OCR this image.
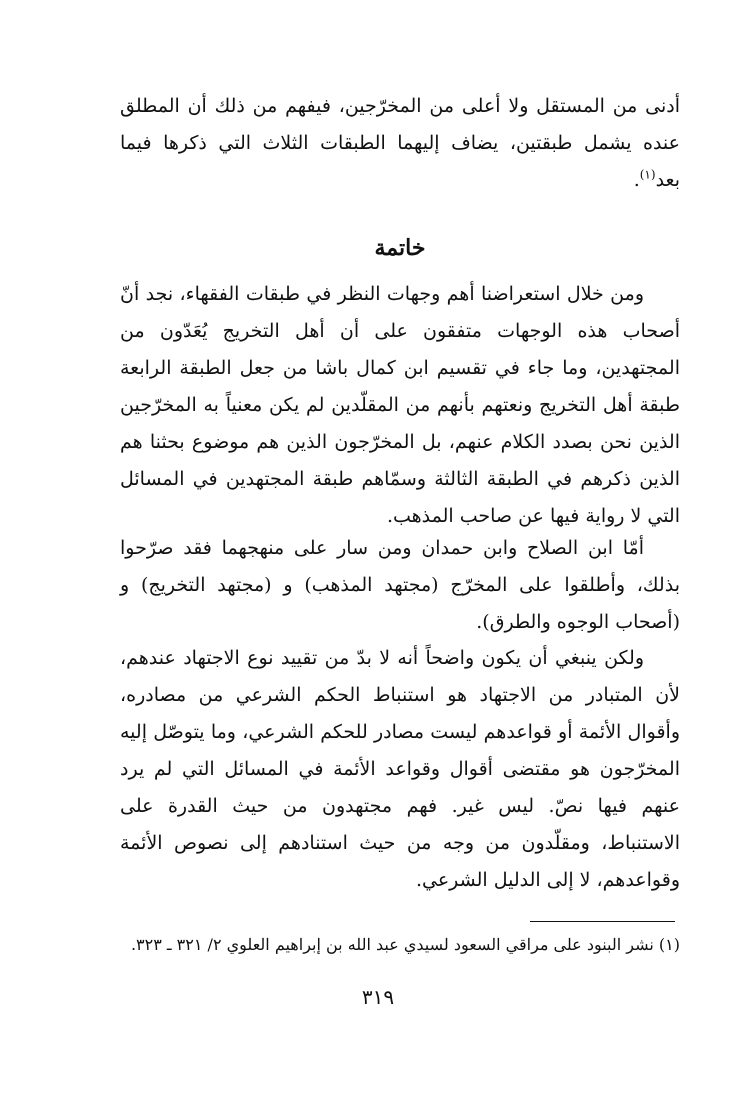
أدنى من المستقل ولا أعلى من المخرّجين، فيفهم من ذلك أن المطلق عنده يشمل طبقتين، يضاف إليهما الطبقات الثلاث التي ذكرها فيما بعد$^{(١)}$.

خاتمة

ومن خلال استعراضنا أهم وجهات النظر في طبقات الفقهاء، نجد أنّ أصحاب هذه الوجهات متفقون على أن أهل التخريج يُعَدّون من المجتهدين، وما جاء في تقسيم ابن كمال باشا من جعل الطبقة الرابعة طبقة أهل التخريج ونعتهم بأنهم من المقلّدين لم يكن معنياً به المخرّجين الذين نحن بصدد الكلام عنهم، بل المخرّجون الذين هم موضوع بحثنا هم الذين ذكرهم في الطبقة الثالثة وسمّاهم طبقة المجتهدين في المسائل التي لا رواية فيها عن صاحب المذهب.

أمّا ابن الصلاح وابن حمدان ومن سار على منهجهما فقد صرّحوا بذلك، وأطلقوا على المخرّج (مجتهد المذهب) و (مجتهد التخريج) و (أصحاب الوجوه والطرق).

ولكن ينبغي أن يكون واضحاً أنه لا بدّ من تقييد نوع الاجتهاد عندهم، لأن المتبادر من الاجتهاد هو استنباط الحكم الشرعي من مصادره، وأقوال الأئمة أو قواعدهم ليست مصادر للحكم الشرعي، وما يتوصّل إليه المخرّجون هو مقتضى أقوال وقواعد الأئمة في المسائل التي لم يرد عنهم فيها نصّ. ليس غير. فهم مجتهدون من حيث القدرة على الاستنباط، ومقلّدون من وجه من حيث استنادهم إلى نصوص الأئمة وقواعدهم، لا إلى الدليل الشرعي.

(١) نشر البنود على مراقي السعود لسيدي عبد الله بن إبراهيم العلوي ٢/ ٣٢١ ـ ٣٢٣.
٣١٩
